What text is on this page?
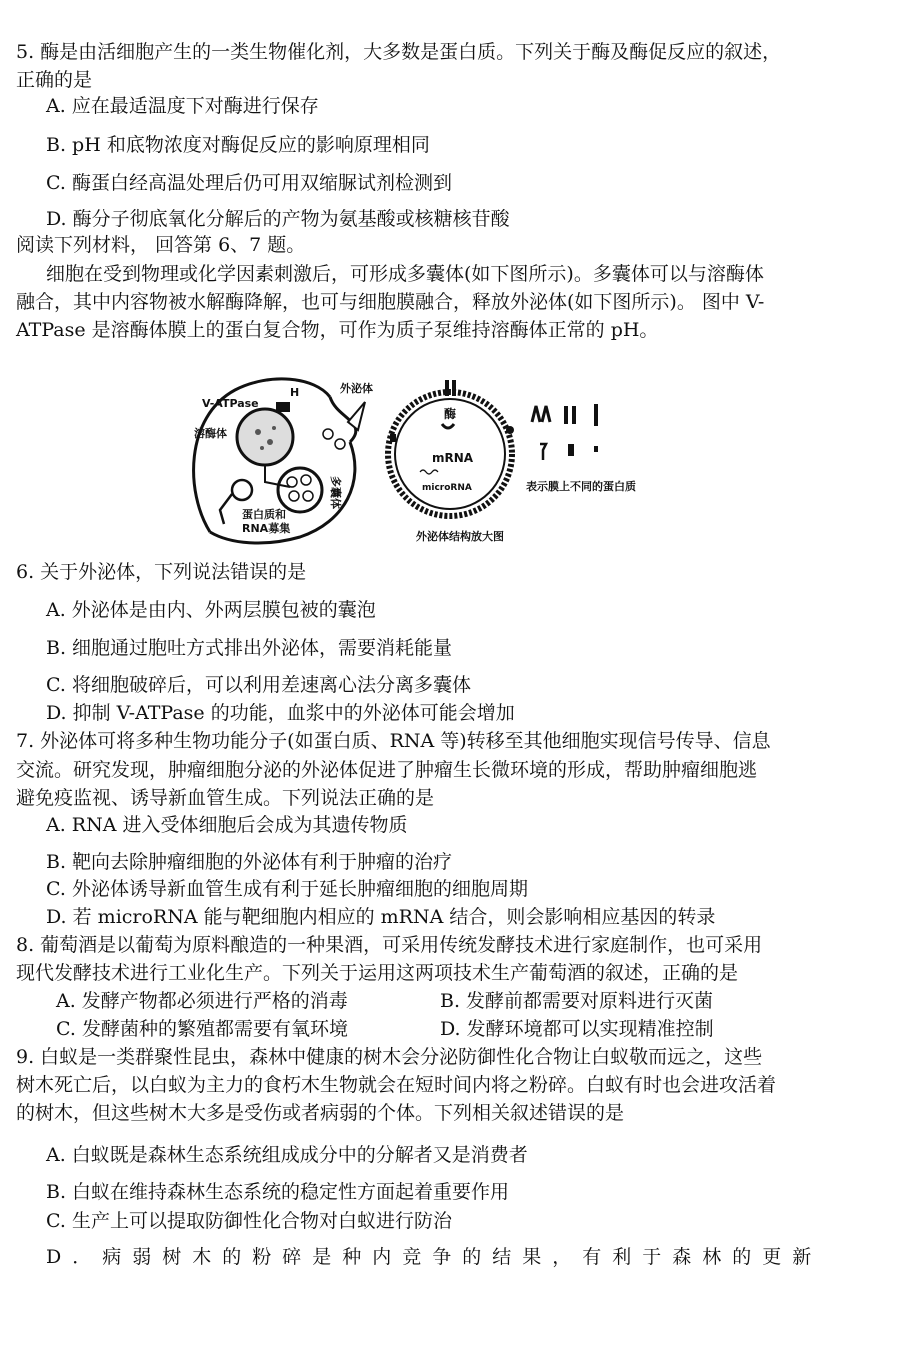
5. 酶是由活细胞产生的一类生物催化剂，大多数是蛋白质。下列关于酶及酶促反应的叙述，
正确的是
A. 应在最适温度下对酶进行保存
B. pH 和底物浓度对酶促反应的影响原理相同
C. 酶蛋白经高温处理后仍可用双缩脲试剂检测到
D. 酶分子彻底氧化分解后的产物为氨基酸或核糖核苷酸
阅读下列材料， 回答第 6、7 题。
细胞在受到物理或化学因素刺激后，可形成多囊体(如下图所示)。多囊体可以与溶酶体
融合，其中内容物被水解酶降解，也可与细胞膜融合，释放外泌体(如下图所示)。 图中 V-
ATPase 是溶酶体膜上的蛋白复合物，可作为质子泵维持溶酶体正常的 pH。
V-ATPase
H
溶酶体
外泌体
多囊体
蛋白质和
RNA募集
酶
mRNA
microRNA	表示膜上不同的蛋白质
外泌体结构放大图
6. 关于外泌体，下列说法错误的是
A. 外泌体是由内、外两层膜包被的囊泡
B. 细胞通过胞吐方式排出外泌体，需要消耗能量
C. 将细胞破碎后，可以利用差速离心法分离多囊体
D. 抑制 V-ATPase 的功能，血浆中的外泌体可能会增加
7. 外泌体可将多种生物功能分子(如蛋白质、RNA 等)转移至其他细胞实现信号传导、信息
交流。研究发现，肿瘤细胞分泌的外泌体促进了肿瘤生长微环境的形成，帮助肿瘤细胞逃
避免疫监视、诱导新血管生成。下列说法正确的是
A. RNA 进入受体细胞后会成为其遗传物质
B. 靶向去除肿瘤细胞的外泌体有利于肿瘤的治疗
C. 外泌体诱导新血管生成有利于延长肿瘤细胞的细胞周期
D. 若 microRNA 能与靶细胞内相应的 mRNA 结合，则会影响相应基因的转录
8. 葡萄酒是以葡萄为原料酿造的一种果酒，可采用传统发酵技术进行家庭制作，也可采用
现代发酵技术进行工业化生产。下列关于运用这两项技术生产葡萄酒的叙述，正确的是
A. 发酵产物都必须进行严格的消毒	B. 发酵前都需要对原料进行灭菌
C. 发酵菌种的繁殖都需要有氧环境	D. 发酵环境都可以实现精准控制
9. 白蚁是一类群聚性昆虫，森林中健康的树木会分泌防御性化合物让白蚁敬而远之，这些
树木死亡后，以白蚁为主力的食朽木生物就会在短时间内将之粉碎。白蚁有时也会进攻活着
的树木，但这些树木大多是受伤或者病弱的个体。下列相关叙述错误的是
A. 白蚁既是森林生态系统组成成分中的分解者又是消费者
B. 白蚁在维持森林生态系统的稳定性方面起着重要作用
C. 生产上可以提取防御性化合物对白蚁进行防治
D．病弱树木的粉碎是种内竞争的结果，有利于森林的更新
